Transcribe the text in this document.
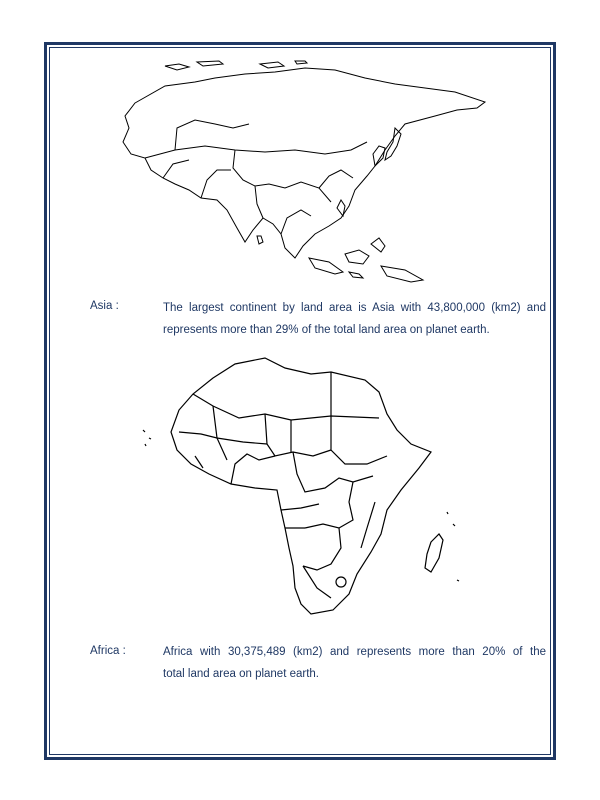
Asia :	The largest continent by land area is Asia with 43,800,000 (km2) and
represents more than 29% of the total land area on planet earth.
Africa :	Africa with 30,375,489 (km2) and represents more than 20% of the
total land area on planet earth.
